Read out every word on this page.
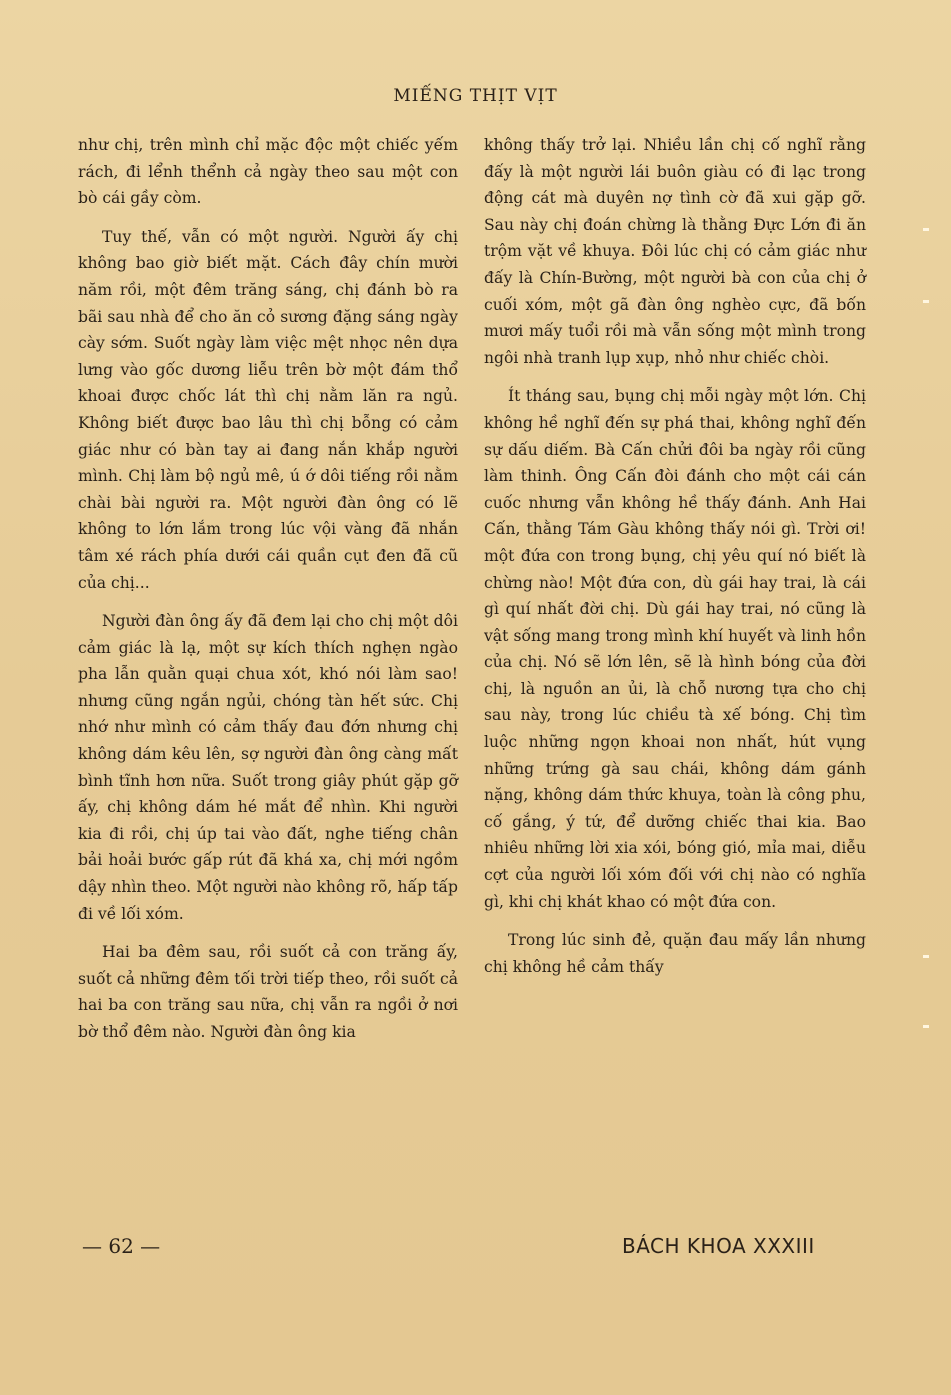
MIẾNG THỊT VỊT

như chị, trên mình chỉ mặc độc một chiếc yếm rách, đi lểnh thểnh cả ngày theo sau một con bò cái gầy còm.

Tuy thế, vẫn có một người. Người ấy chị không bao giờ biết mặt. Cách đây chín mười năm rồi, một đêm trăng sáng, chị đánh bò ra bãi sau nhà để cho ăn cỏ sương đặng sáng ngày cày sớm. Suốt ngày làm việc mệt nhọc nên dựa lưng vào gốc dương liễu trên bờ một đám thổ khoai được chốc lát thì chị nằm lăn ra ngủ. Không biết được bao lâu thì chị bỗng có cảm giác như có bàn tay ai đang nắn khắp người mình. Chị làm bộ ngủ mê, ú ớ dôi tiếng rồi nằm chài bài người ra. Một người đàn ông có lẽ không to lớn lắm trong lúc vội vàng đã nhắn tâm xé rách phía dưới cái quần cụt đen đã cũ của chị...

Người đàn ông ấy đã đem lại cho chị một dôi cảm giác là lạ, một sự kích thích nghẹn ngào pha lẫn quằn quại chua xót, khó nói làm sao! nhưng cũng ngắn ngủi, chóng tàn hết sức. Chị nhớ như mình có cảm thấy đau đớn nhưng chị không dám kêu lên, sợ người đàn ông càng mất bình tĩnh hơn nữa. Suốt trong giây phút gặp gỡ ấy, chị không dám hé mắt để nhìn. Khi người kia đi rồi, chị úp tai vào đất, nghe tiếng chân bải hoải bước gấp rút đã khá xa, chị mới ngồm dậy nhìn theo. Một người nào không rõ, hấp tấp đi về lối xóm.

Hai ba đêm sau, rồi suốt cả con trăng ấy, suốt cả những đêm tối trời tiếp theo, rồi suốt cả hai ba con trăng sau nữa, chị vẫn ra ngồi ở nơi bờ thổ đêm nào. Người đàn ông kia

không thấy trở lại. Nhiều lần chị cố nghĩ rằng đấy là một người lái buôn giàu có đi lạc trong động cát mà duyên nợ tình cờ đã xui gặp gỡ. Sau này chị đoán chừng là thằng Đực Lớn đi ăn trộm vặt về khuya. Đôi lúc chị có cảm giác như đấy là Chín-Bường, một người bà con của chị ở cuối xóm, một gã đàn ông nghèo cực, đã bốn mươi mấy tuổi rồi mà vẫn sống một mình trong ngôi nhà tranh lụp xụp, nhỏ như chiếc chòi.

Ít tháng sau, bụng chị mỗi ngày một lớn. Chị không hề nghĩ đến sự phá thai, không nghĩ đến sự dấu diếm. Bà Cấn chửi đôi ba ngày rồi cũng làm thinh. Ông Cấn đòi đánh cho một cái cán cuốc nhưng vẫn không hề thấy đánh. Anh Hai Cấn, thằng Tám Gàu không thấy nói gì. Trời ơi! một đứa con trong bụng, chị yêu quí nó biết là chừng nào! Một đứa con, dù gái hay trai, là cái gì quí nhất đời chị. Dù gái hay trai, nó cũng là vật sống mang trong mình khí huyết và linh hồn của chị. Nó sẽ lớn lên, sẽ là hình bóng của đời chị, là nguồn an ủi, là chỗ nương tựa cho chị sau này, trong lúc chiều tà xế bóng. Chị tìm luộc những ngọn khoai non nhất, hút vụng những trứng gà sau chái, không dám gánh nặng, không dám thức khuya, toàn là công phu, cố gắng, ý tứ, để dưỡng chiếc thai kia. Bao nhiêu những lời xia xói, bóng gió, mỉa mai, diễu cợt của người lối xóm đối với chị nào có nghĩa gì, khi chị khát khao có một đứa con.

Trong lúc sinh đẻ, quặn đau mấy lần nhưng chị không hề cảm thấy

— 62 —	BÁCH KHOA XXXIII
